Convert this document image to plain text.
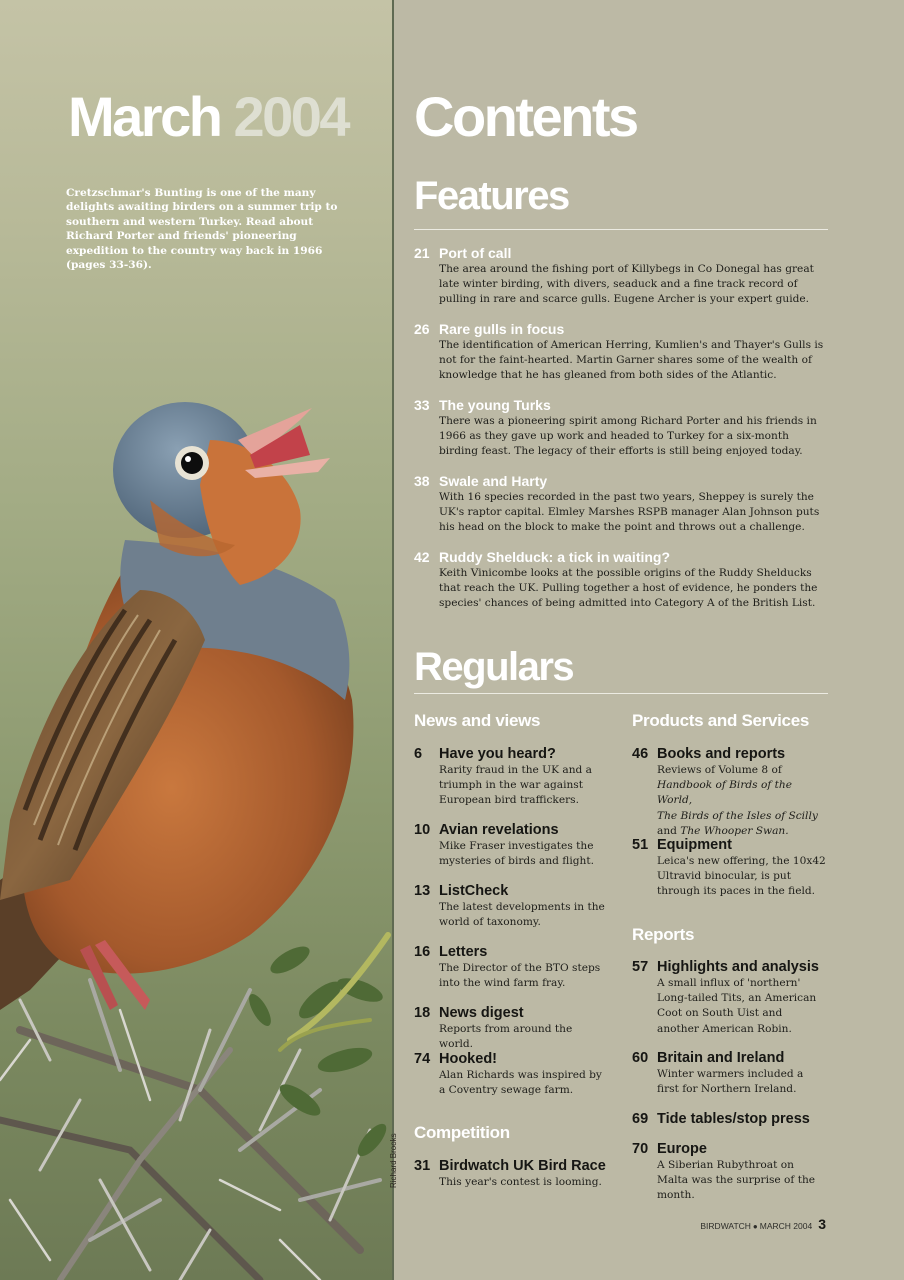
March 2004
Cretzschmar's Bunting is one of the many delights awaiting birders on a summer trip to southern and western Turkey. Read about Richard Porter and friends' pioneering expedition to the country way back in 1966 (pages 33-36).
Richard Brooks
Contents
Features
21 Port of call
The area around the fishing port of Killybegs in Co Donegal has great late winter birding, with divers, seaduck and a fine track record of pulling in rare and scarce gulls. Eugene Archer is your expert guide.
26 Rare gulls in focus
The identification of American Herring, Kumlien's and Thayer's Gulls is not for the faint-hearted. Martin Garner shares some of the wealth of knowledge that he has gleaned from both sides of the Atlantic.
33 The young Turks
There was a pioneering spirit among Richard Porter and his friends in 1966 as they gave up work and headed to Turkey for a six-month birding feast. The legacy of their efforts is still being enjoyed today.
38 Swale and Harty
With 16 species recorded in the past two years, Sheppey is surely the UK's raptor capital. Elmley Marshes RSPB manager Alan Johnson puts his head on the block to make the point and throws out a challenge.
42 Ruddy Shelduck: a tick in waiting?
Keith Vinicombe looks at the possible origins of the Ruddy Shelducks that reach the UK. Pulling together a host of evidence, he ponders the species' chances of being admitted into Category A of the British List.
Regulars
News and views
6	Have you heard?
Rarity fraud in the UK and a triumph in the war against European bird traffickers.
10 Avian revelations
Mike Fraser investigates the mysteries of birds and flight.
13 ListCheck
The latest developments in the world of taxonomy.
16 Letters
The Director of the BTO steps into the wind farm fray.
18 News digest
Reports from around the world.
74 Hooked!
Alan Richards was inspired by a Coventry sewage farm.
Competition
31 Birdwatch UK Bird Race
This year's contest is looming.
Products and Services
46 Books and reports
Reviews of Volume 8 of
Handbook of Birds of the World,
The Birds of the Isles of Scilly
and The Whooper Swan.
51 Equipment
Leica's new offering, the 10x42 Ultravid binocular, is put through its paces in the field.
Reports
57 Highlights and analysis
A small influx of 'northern' Long-tailed Tits, an American Coot on South Uist and another American Robin.
60 Britain and Ireland
Winter warmers included a first for Northern Ireland.
69 Tide tables/stop press
70 Europe
A Siberian Rubythroat on Malta was the surprise of the month.
BIRDWATCH ● MARCH 2004 3
